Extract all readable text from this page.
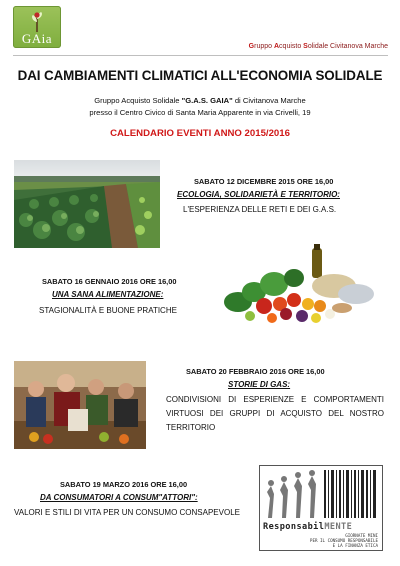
GAia
Gruppo Acquisto Solidale Civitanova Marche
DAI CAMBIAMENTI CLIMATICI ALL'ECONOMIA SOLIDALE
Gruppo Acquisto Solidale "G.A.S. GAIA" di Civitanova Marche
presso il Centro Civico di Santa Maria Apparente in via Crivelli, 19
CALENDARIO EVENTI ANNO 2015/2016
SABATO 12 DICEMBRE 2015 ORE 16,00
ECOLOGIA, SOLIDARIETÀ E TERRITORIO:
L'ESPERIENZA DELLE RETI E DEI G.A.S.
SABATO 16 GENNAIO 2016 ORE 16,00
UNA SANA ALIMENTAZIONE:
STAGIONALITÀ E BUONE PRATICHE
SABATO 20 FEBBRAIO 2016 ORE 16,00
STORIE DI GAS:
CONDIVISIONI DI ESPERIENZE E COMPORTAMENTI VIRTUOSI DEI GRUPPI DI ACQUISTO DEL NOSTRO TERRITORIO
SABATO 19 MARZO 2016 ORE 16,00
DA CONSUMATORI A CONSUM"ATTORI":
VALORI E STILI DI VITA PER UN CONSUMO CONSAPEVOLE
ResponsabilMENTE
GIORNATE MINI
PER IL CONSUMO RESPONSABILE
E LA FINANZA ETICA
